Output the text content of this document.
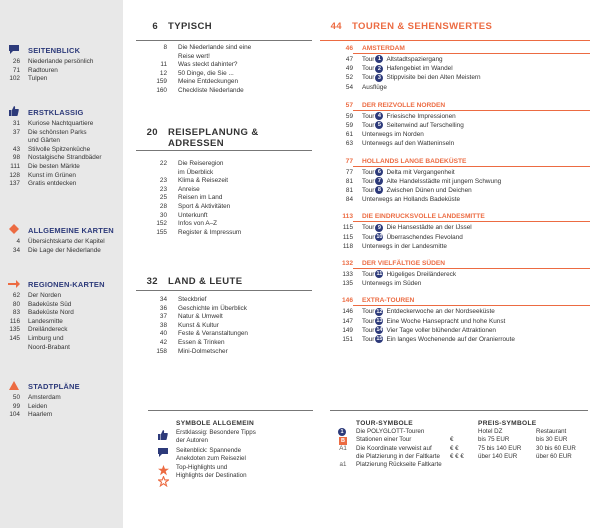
SEITENBLICK
26	Niederlande persönlich
71	Radtouren
102	Tulpen
ERSTKLASSIG
31	Kuriose Nachtquartiere
37	Die schönsten Parks
und Gärten
43	Stilvolle Spitzenküche
98	Nostalgische Strandbäder
111	Die besten Märkte
128	Kunst im Grünen
137	Gratis entdecken
ALLGEMEINE KARTEN
4	Übersichtskarte der Kapitel
34	Die Lage der Niederlande
REGIONEN-KARTEN
62	Der Norden
80	Badeküste Süd
83	Badeküste Nord
116	Landesmitte
135	Dreiländereck
145	Limburg und
Noord-Brabant
STADTPLÄNE
50	Amsterdam
99	Leiden
104	Haarlem
6	TYPISCH
8	Die Niederlande sind eine
Reise wert!
11	Was steckt dahinter?
12	50 Dinge, die Sie ...
159	Meine Entdeckungen
160	Checkliste Niederlande
20	REISEPLANUNG &
ADRESSEN
22	Die Reiseregion
im Überblick
23	Klima & Reisezeit
23	Anreise
25	Reisen im Land
28	Sport & Aktivitäten
30	Unterkunft
152	Infos von A–Z
155	Register & Impressum
32	LAND & LEUTE
34	Steckbrief
36	Geschichte im Überblick
37	Natur & Umwelt
38	Kunst & Kultur
40	Feste & Veranstaltungen
42	Essen & Trinken
158	Mini-Dolmetscher
44	TOUREN & SEHENSWERTES
46	AMSTERDAM
47	Tour 1 Altstadtspaziergang
49	Tour 2 Hafengebiet im Wandel
52	Tour 3 Stippvisite bei den Alten Meistern
54	Ausflüge
57	DER REIZVOLLE NORDEN
59	Tour 4 Friesische Impressionen
59	Tour 5 Seitenwind auf Terschelling
61	Unterwegs im Norden
63	Unterwegs auf den Watteninseln
77	HOLLANDS LANGE BADEKÜSTE
77	Tour 6 Delta mit Vergangenheit
81	Tour 7 Alte Handelsstädte mit jungem Schwung
81	Tour 8 Zwischen Dünen und Deichen
84	Unterwegs an Hollands Badeküste
113	DIE EINDRUCKSVOLLE LANDESMITTE
115	Tour 9 Die Hansestädte an der IJssel
115	Tour 10 Überraschendes Flevoland
118	Unterwegs in der Landesmitte
132	DER VIELFÄLTIGE SÜDEN
133	Tour 11 Hügeliges Dreiländereck
135	Unterwegs im Süden
146	EXTRA-TOUREN
146	Tour 12 Entdeckerwoche an der Nordseeküste
147	Tour 13 Eine Woche Hansepracht und hohe Kunst
149	Tour 14 Vier Tage voller blühender Attraktionen
151	Tour 15 Ein langes Wochenende auf der Oranierroute
SYMBOLE ALLGEMEIN
Erstklassig: Besondere Tipps
der Autoren
Seitenblick: Spannende
Anekdoten zum Reiseziel
Top-Highlights und
Highlights der Destination
TOUR-SYMBOLE
1	Die POLYGLOTT-Touren
B	Stationen einer Tour
A1 Die Koordinate verweist auf
die Platzierung in der Faltkarte
a1 Platzierung Rückseite Faltkarte
PREIS-SYMBOLE
Hotel DZ	Restaurant
€	bis 75 EUR	bis 30 EUR
€ €	75 bis 140 EUR	30 bis 60 EUR
€ € €	über 140 EUR	über 60 EUR
